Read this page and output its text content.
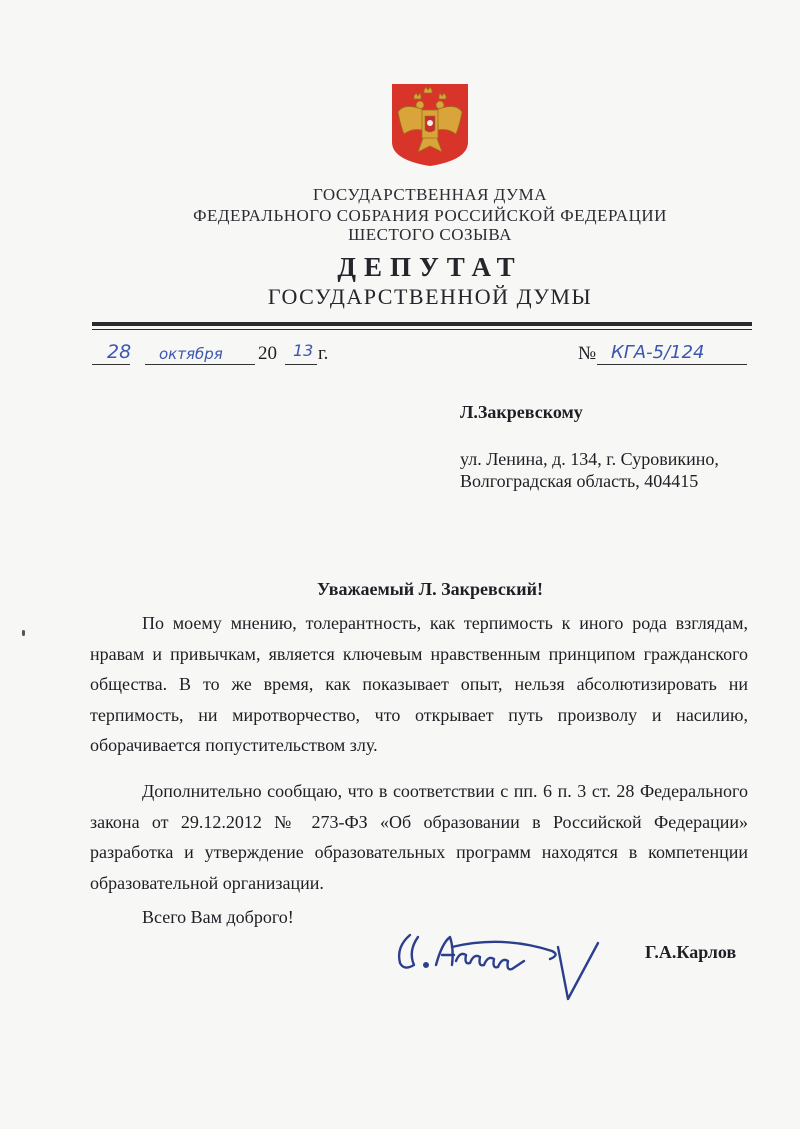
ГОСУДАРСТВЕННАЯ ДУМА
ФЕДЕРАЛЬНОГО СОБРАНИЯ РОССИЙСКОЙ ФЕДЕРАЦИИ
ШЕСТОГО СОЗЫВА
ДЕПУТАТ
ГОСУДАРСТВЕННОЙ ДУМЫ
28 октября 20 13 г.	№ КГА-5/124
Л.Закревскому
ул. Ленина, д. 134, г. Суровикино,
Волгоградская область, 404415
Уважаемый Л. Закревский!
По моему мнению, толерантность, как терпимость к иного рода взглядам, нравам и привычкам, является ключевым нравственным принципом гражданского общества. В то же время, как показывает опыт, нельзя абсолютизировать ни терпимость, ни миротворчество, что открывает путь произволу и насилию, оборачивается попустительством злу.
Дополнительно сообщаю, что в соответствии с пп. 6 п. 3 ст. 28 Федерального закона от 29.12.2012 № 273-ФЗ «Об образовании в Российской Федерации» разработка и утверждение образовательных программ находятся в компетенции образовательной организации.
Всего Вам доброго!
Г.А.Карлов
